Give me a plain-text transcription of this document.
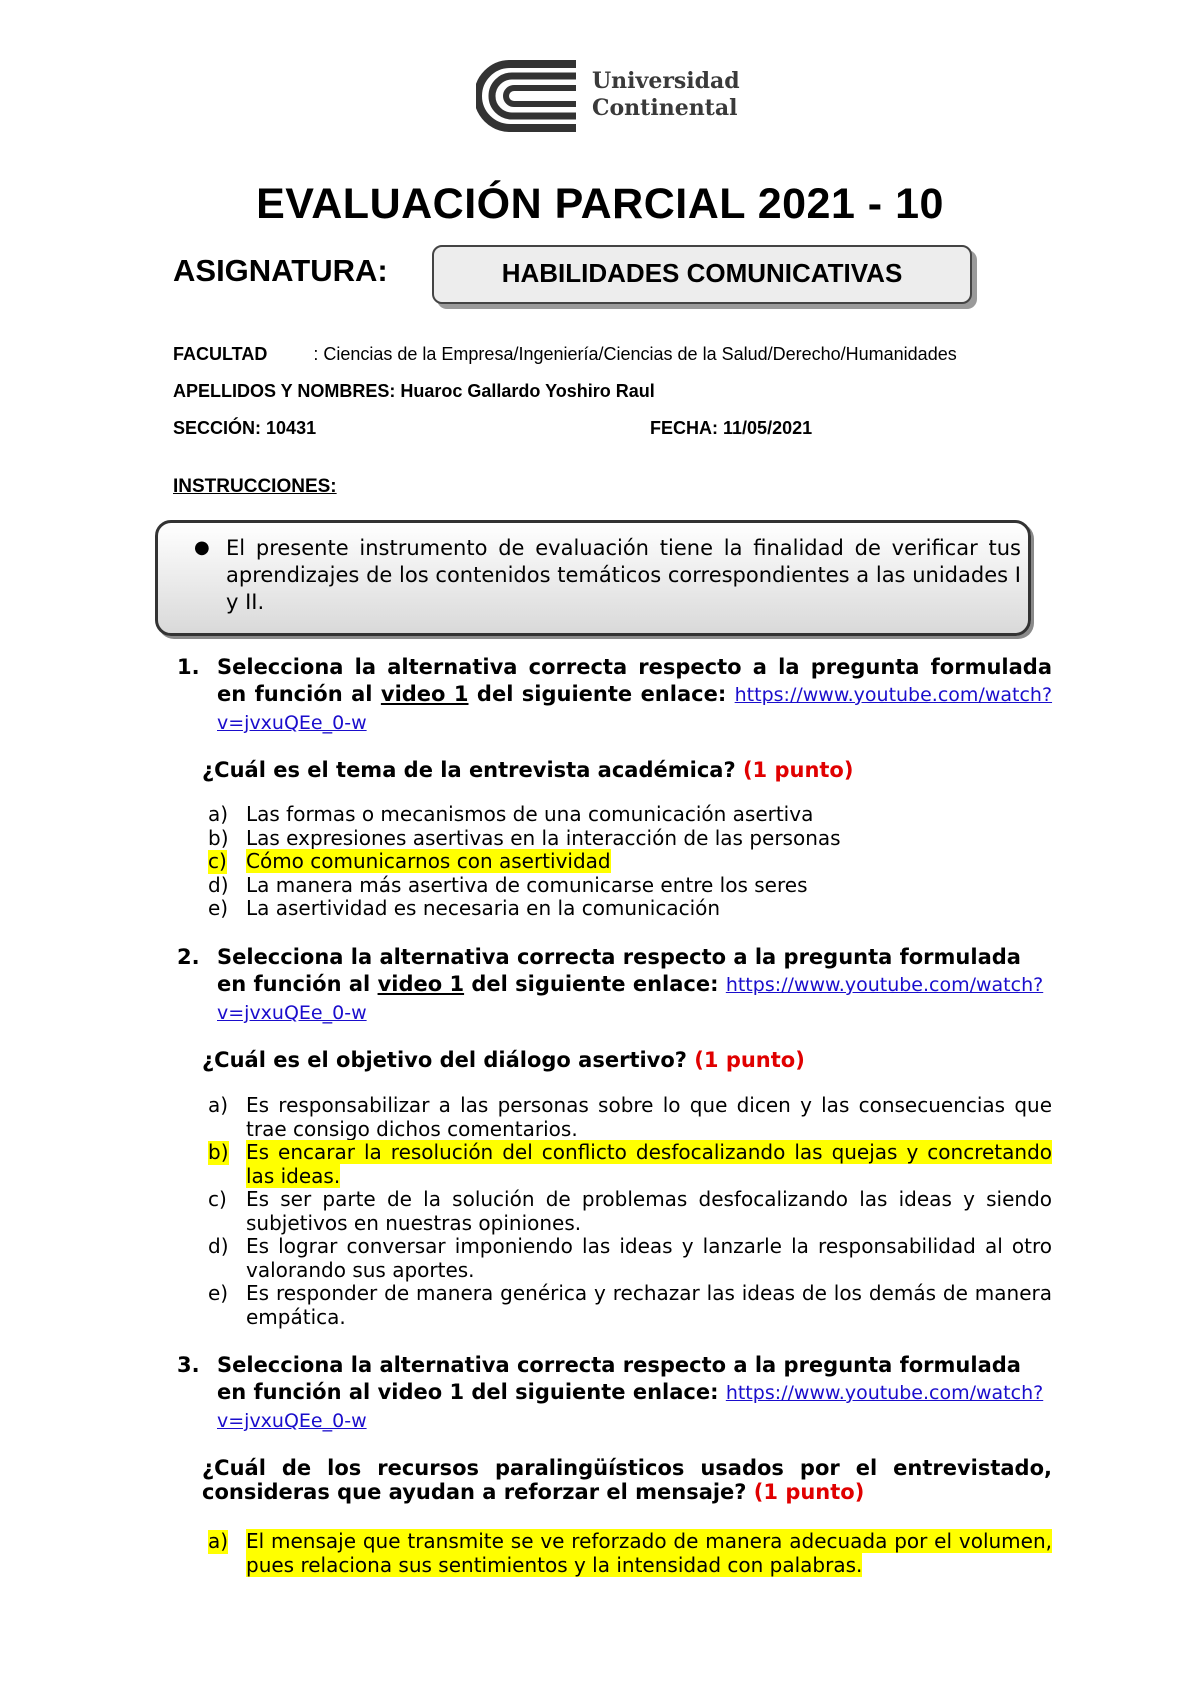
Universidad
Continental
EVALUACIÓN PARCIAL 2021 - 10
ASIGNATURA:	HABILIDADES COMUNICATIVAS
FACULTAD	: Ciencias de la Empresa/Ingeniería/Ciencias de la Salud/Derecho/Humanidades
APELLIDOS Y NOMBRES: Huaroc Gallardo Yoshiro Raul
SECCIÓN: 10431	FECHA: 11/05/2021
INSTRUCCIONES:
● El presente instrumento de evaluación tiene la finalidad de verificar tus aprendizajes de los contenidos temáticos correspondientes a las unidades I y II.
1. Selecciona la alternativa correcta respecto a la pregunta formulada en función al video 1 del siguiente enlace: https://www.youtube.com/watch?v=jvxuQEe_0-w
¿Cuál es el tema de la entrevista académica? (1 punto)
a) Las formas o mecanismos de una comunicación asertiva
b) Las expresiones asertivas en la interacción de las personas
c) Cómo comunicarnos con asertividad
d) La manera más asertiva de comunicarse entre los seres
e) La asertividad es necesaria en la comunicación
2. Selecciona la alternativa correcta respecto a la pregunta formulada en función al video 1 del siguiente enlace: https://www.youtube.com/watch?v=jvxuQEe_0-w
¿Cuál es el objetivo del diálogo asertivo? (1 punto)
a) Es responsabilizar a las personas sobre lo que dicen y las consecuencias que trae consigo dichos comentarios.
b) Es encarar la resolución del conflicto desfocalizando las quejas y concretando las ideas.
c) Es ser parte de la solución de problemas desfocalizando las ideas y siendo subjetivos en nuestras opiniones.
d) Es lograr conversar imponiendo las ideas y lanzarle la responsabilidad al otro valorando sus aportes.
e) Es responder de manera genérica y rechazar las ideas de los demás de manera empática.
3. Selecciona la alternativa correcta respecto a la pregunta formulada en función al video 1 del siguiente enlace: https://www.youtube.com/watch?v=jvxuQEe_0-w
¿Cuál de los recursos paralingüísticos usados por el entrevistado, consideras que ayudan a reforzar el mensaje? (1 punto)
a) El mensaje que transmite se ve reforzado de manera adecuada por el volumen, pues relaciona sus sentimientos y la intensidad con palabras.
